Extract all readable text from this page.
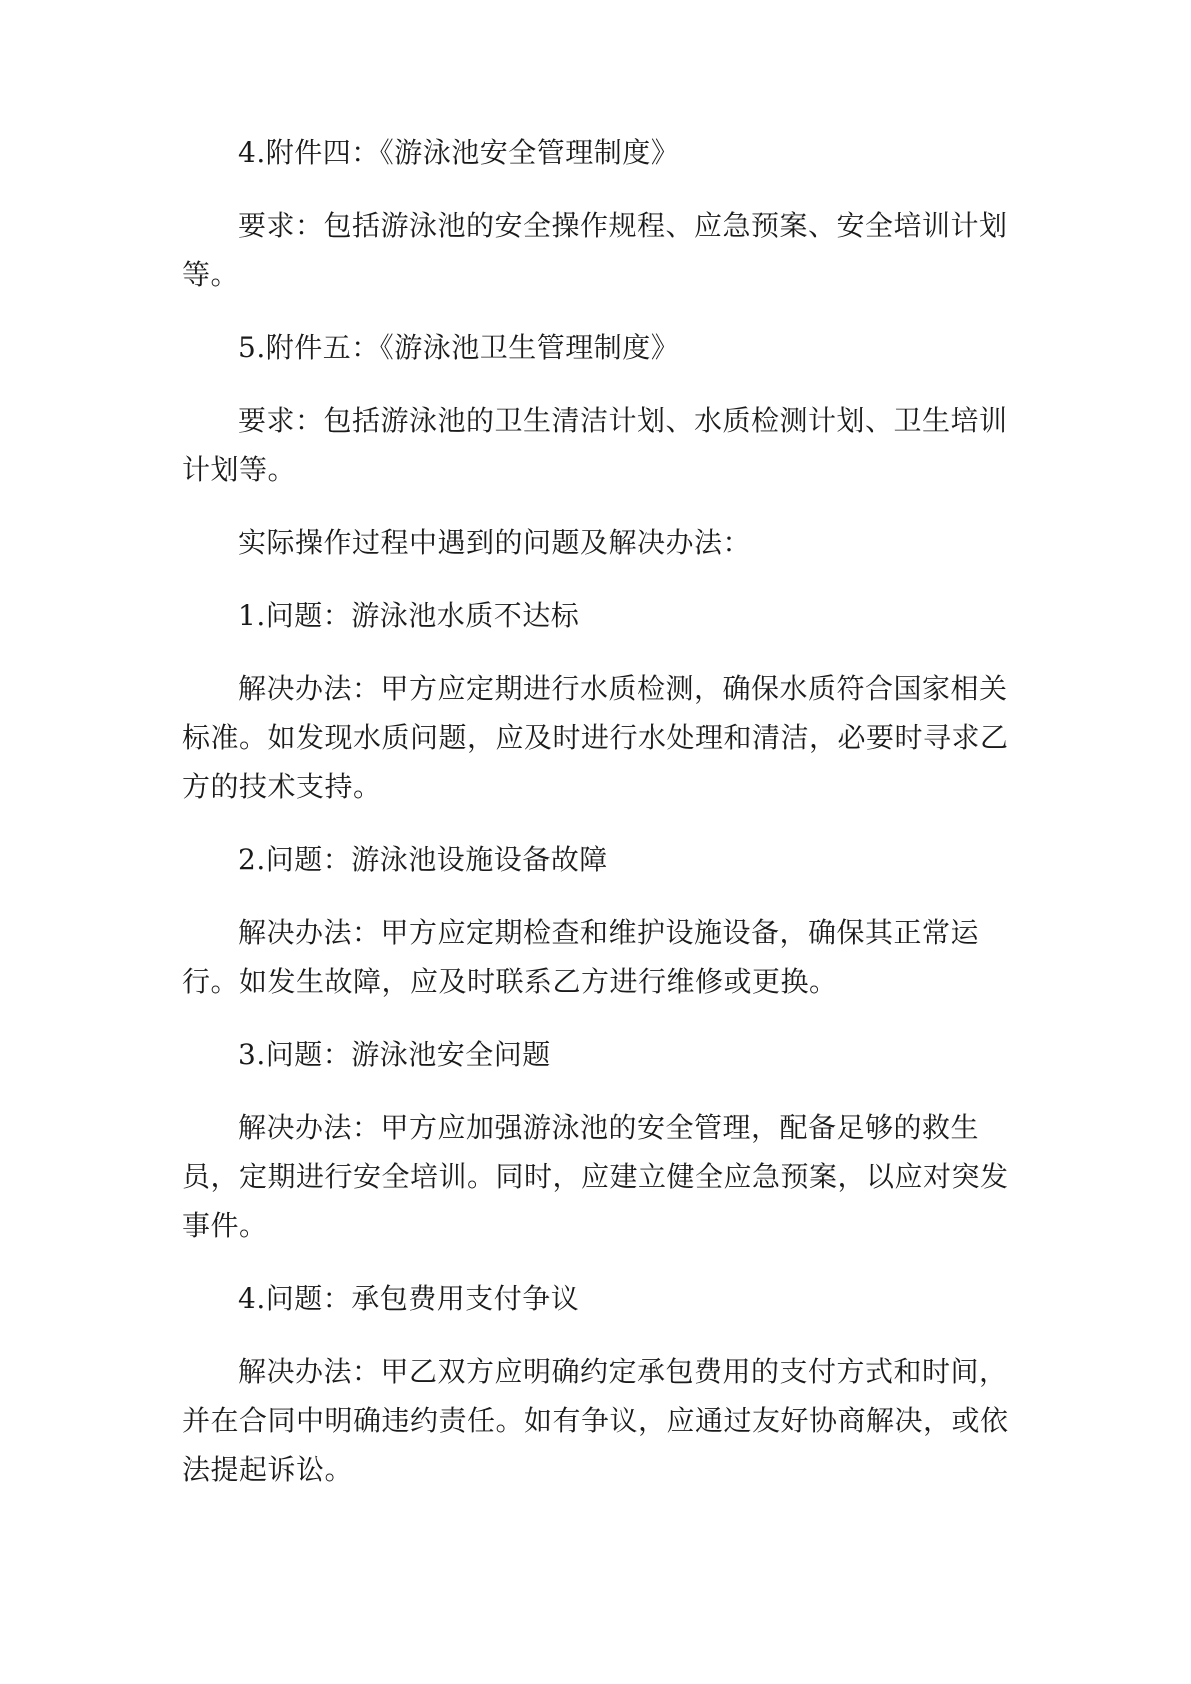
4.附件四：《游泳池安全管理制度》

要求：包括游泳池的安全操作规程、应急预案、安全培训计划等。

5.附件五：《游泳池卫生管理制度》

要求：包括游泳池的卫生清洁计划、水质检测计划、卫生培训计划等。

实际操作过程中遇到的问题及解决办法：

1.问题：游泳池水质不达标

解决办法：甲方应定期进行水质检测，确保水质符合国家相关标准。如发现水质问题，应及时进行水处理和清洁，必要时寻求乙方的技术支持。

2.问题：游泳池设施设备故障

解决办法：甲方应定期检查和维护设施设备，确保其正常运行。如发生故障，应及时联系乙方进行维修或更换。

3.问题：游泳池安全问题

解决办法：甲方应加强游泳池的安全管理，配备足够的救生员，定期进行安全培训。同时，应建立健全应急预案，以应对突发事件。

4.问题：承包费用支付争议

解决办法：甲乙双方应明确约定承包费用的支付方式和时间，并在合同中明确违约责任。如有争议，应通过友好协商解决，或依法提起诉讼。
